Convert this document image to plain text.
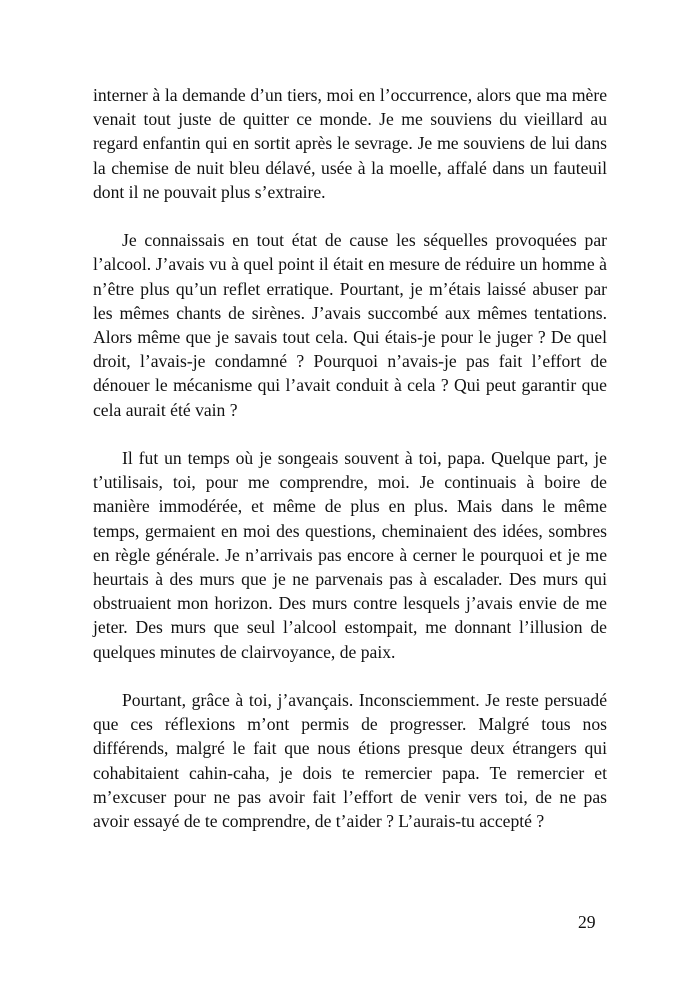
interner à la demande d’un tiers, moi en l’occurrence, alors que ma mère venait tout juste de quitter ce monde. Je me souviens du vieillard au regard enfantin qui en sortit après le sevrage. Je me souviens de lui dans la chemise de nuit bleu délavé, usée à la moelle, affalé dans un fauteuil dont il ne pouvait plus s’extraire.

Je connaissais en tout état de cause les séquelles provoquées par l’alcool. J’avais vu à quel point il était en mesure de réduire un homme à n’être plus qu’un reflet erratique. Pourtant, je m’étais laissé abuser par les mêmes chants de sirènes. J’avais succombé aux mêmes tentations. Alors même que je savais tout cela. Qui étais-je pour le juger ? De quel droit, l’avais-je condamné ? Pourquoi n’avais-je pas fait l’effort de dénouer le mécanisme qui l’avait conduit à cela ? Qui peut garantir que cela aurait été vain ?

Il fut un temps où je songeais souvent à toi, papa. Quelque part, je t’utilisais, toi, pour me comprendre, moi. Je continuais à boire de manière immodérée, et même de plus en plus. Mais dans le même temps, germaient en moi des questions, cheminaient des idées, sombres en règle générale. Je n’arrivais pas encore à cerner le pourquoi et je me heurtais à des murs que je ne parvenais pas à escalader. Des murs qui obstruaient mon horizon. Des murs contre lesquels j’avais envie de me jeter. Des murs que seul l’alcool estompait, me donnant l’illusion de quelques minutes de clairvoyance, de paix.

Pourtant, grâce à toi, j’avançais. Inconsciemment. Je reste persuadé que ces réflexions m’ont permis de progresser. Malgré tous nos différends, malgré le fait que nous étions presque deux étrangers qui cohabitaient cahin-caha, je dois te remercier papa. Te remercier et m’excuser pour ne pas avoir fait l’effort de venir vers toi, de ne pas avoir essayé de te comprendre, de t’aider ? L’aurais-tu accepté ?

29
